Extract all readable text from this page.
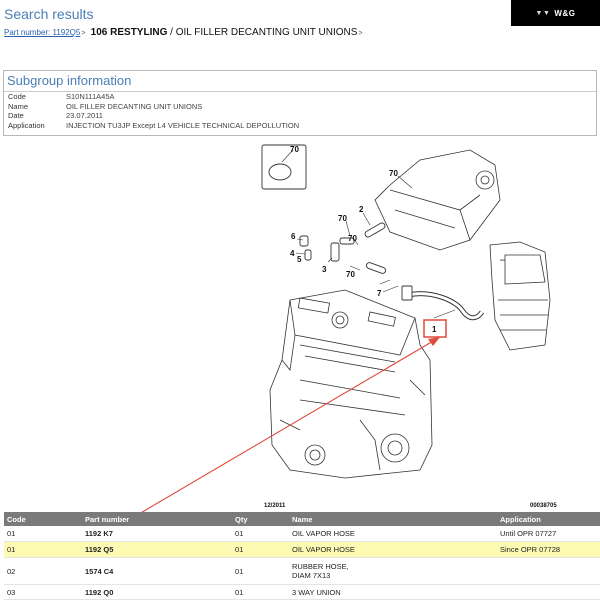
Search results
Part number: 1192Q5> 106 RESTYLING / OIL FILLER DECANTING UNIT UNIONS>
▼▼ W&G
Subgroup information
Code	S10N111A45A
Name	OIL FILLER DECANTING UNIT UNIONS
Date	23.07.2011
Application	INJECTION TU3JP Except L4 VEHICLE TECHNICAL DEPOLLUTION
70
70
70
2
70
6
5
4
3
70
7
1
12/2011	00038705
Code	Part number	Qty	Name	Application
01	1192 K7	01	OIL VAPOR HOSE	Until OPR 07727
01	1192 Q5	01	OIL VAPOR HOSE	Since OPR 07728
02	1574 C4	01	RUBBER HOSE,
DIAM 7X13
03	1192 Q0	01	3 WAY UNION
